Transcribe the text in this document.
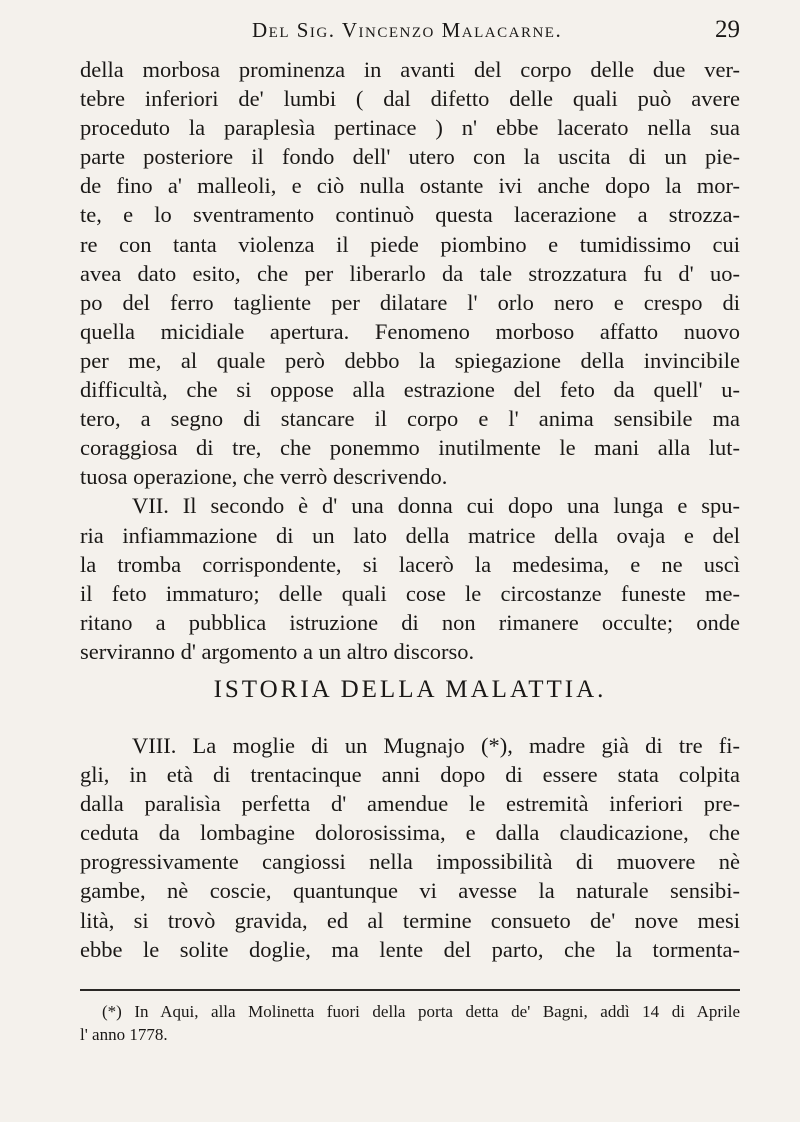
Del Sig. Vincenzo Malacarne.	29
della morbosa prominenza in avanti del corpo delle due ver-
tebre inferiori de' lumbi ( dal difetto delle quali può avere
proceduto la paraplesìa pertinace ) n' ebbe lacerato nella sua
parte posteriore il fondo dell' utero con la uscita di un pie-
de fino a' malleoli, e ciò nulla ostante ivi anche dopo la mor-
te, e lo sventramento continuò questa lacerazione a strozza-
re con tanta violenza il piede piombino e tumidissimo cui
avea dato esito, che per liberarlo da tale strozzatura fu d' uo-
po del ferro tagliente per dilatare l' orlo nero e crespo di
quella micidiale apertura. Fenomeno morboso affatto nuovo
per me, al quale però debbo la spiegazione della invincibile
difficultà, che si oppose alla estrazione del feto da quell' u-
tero, a segno di stancare il corpo e l' anima sensibile ma
coraggiosa di tre, che ponemmo inutilmente le mani alla lut-
tuosa operazione, che verrò descrivendo.
VII. Il secondo è d' una donna cui dopo una lunga e spu-
ria infiammazione di un lato della matrice della ovaja e del
la tromba corrispondente, si lacerò la medesima, e ne uscì
il feto immaturo; delle quali cose le circostanze funeste me-
ritano a pubblica istruzione di non rimanere occulte; onde
serviranno d' argomento a un altro discorso.
ISTORIA DELLA MALATTIA.
VIII. La moglie di un Mugnajo (*), madre già di tre fi-
gli, in età di trentacinque anni dopo di essere stata colpita
dalla paralisìa perfetta d' amendue le estremità inferiori pre-
ceduta da lombagine dolorosissima, e dalla claudicazione, che
progressivamente cangiossi nella impossibilità di muovere nè
gambe, nè coscie, quantunque vi avesse la naturale sensibi-
lità, si trovò gravida, ed al termine consueto de' nove mesi
ebbe le solite doglie, ma lente del parto, che la tormenta-
(*) In Aqui, alla Molinetta fuori della porta detta de' Bagni, addì 14 di Aprile
l' anno 1778.
